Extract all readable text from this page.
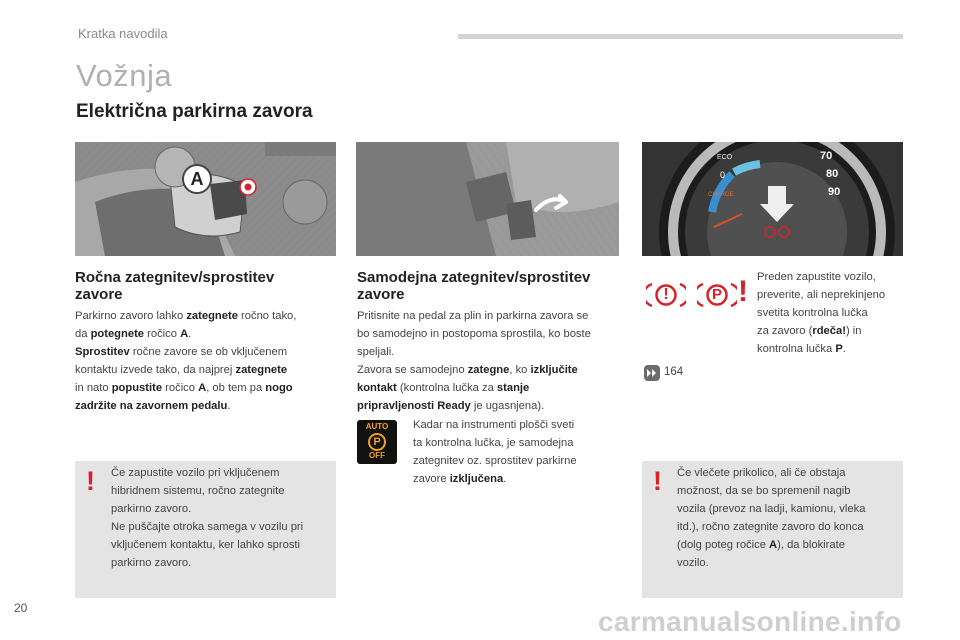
Kratka navodila
Vožnja
Električna parkirna zavora
A
ECO
0
CHARGE
70
80
90
Ročna zategnitev/sprostitev
zavore
Parkirno zavoro lahko zategnete ročno tako,
da potegnete ročico A.
Sprostitev ročne zavore se ob vključenem
kontaktu izvede tako, da najprej zategnete
in nato popustite ročico A, ob tem pa nogo
zadržite na zavornem pedalu.
Samodejna zategnitev/sprostitev
zavore
Pritisnite na pedal za plin in parkirna zavora se
bo samodejno in postopoma sprostila, ko boste
speljali.
Zavora se samodejno zategne, ko izključite
kontakt (kontrolna lučka za stanje
pripravljenosti Ready je ugasnjena).
AUTO
P
OFF
Kadar na instrumenti plošči sveti
ta kontrolna lučka, je samodejna
zategnitev oz. sprostitev parkirne
zavore izključena.
!	P ! Preden zapustite vozilo,
preverite, ali neprekinjeno
svetita kontrolna lučka
za zavoro (rdeča!) in
kontrolna lučka P.
164
! Če zapustite vozilo pri vključenem
hibridnem sistemu, ročno zategnite
parkirno zavoro.
Ne puščajte otroka samega v vozilu pri
vključenem kontaktu, ker lahko sprosti
parkirno zavoro.
! Če vlečete prikolico, ali če obstaja
možnost, da se bo spremenil nagib
vozila (prevoz na ladji, kamionu, vleka
itd.), ročno zategnite zavoro do konca
(dolg poteg ročice A), da blokirate
vozilo.
20	carmanualsonline.info
